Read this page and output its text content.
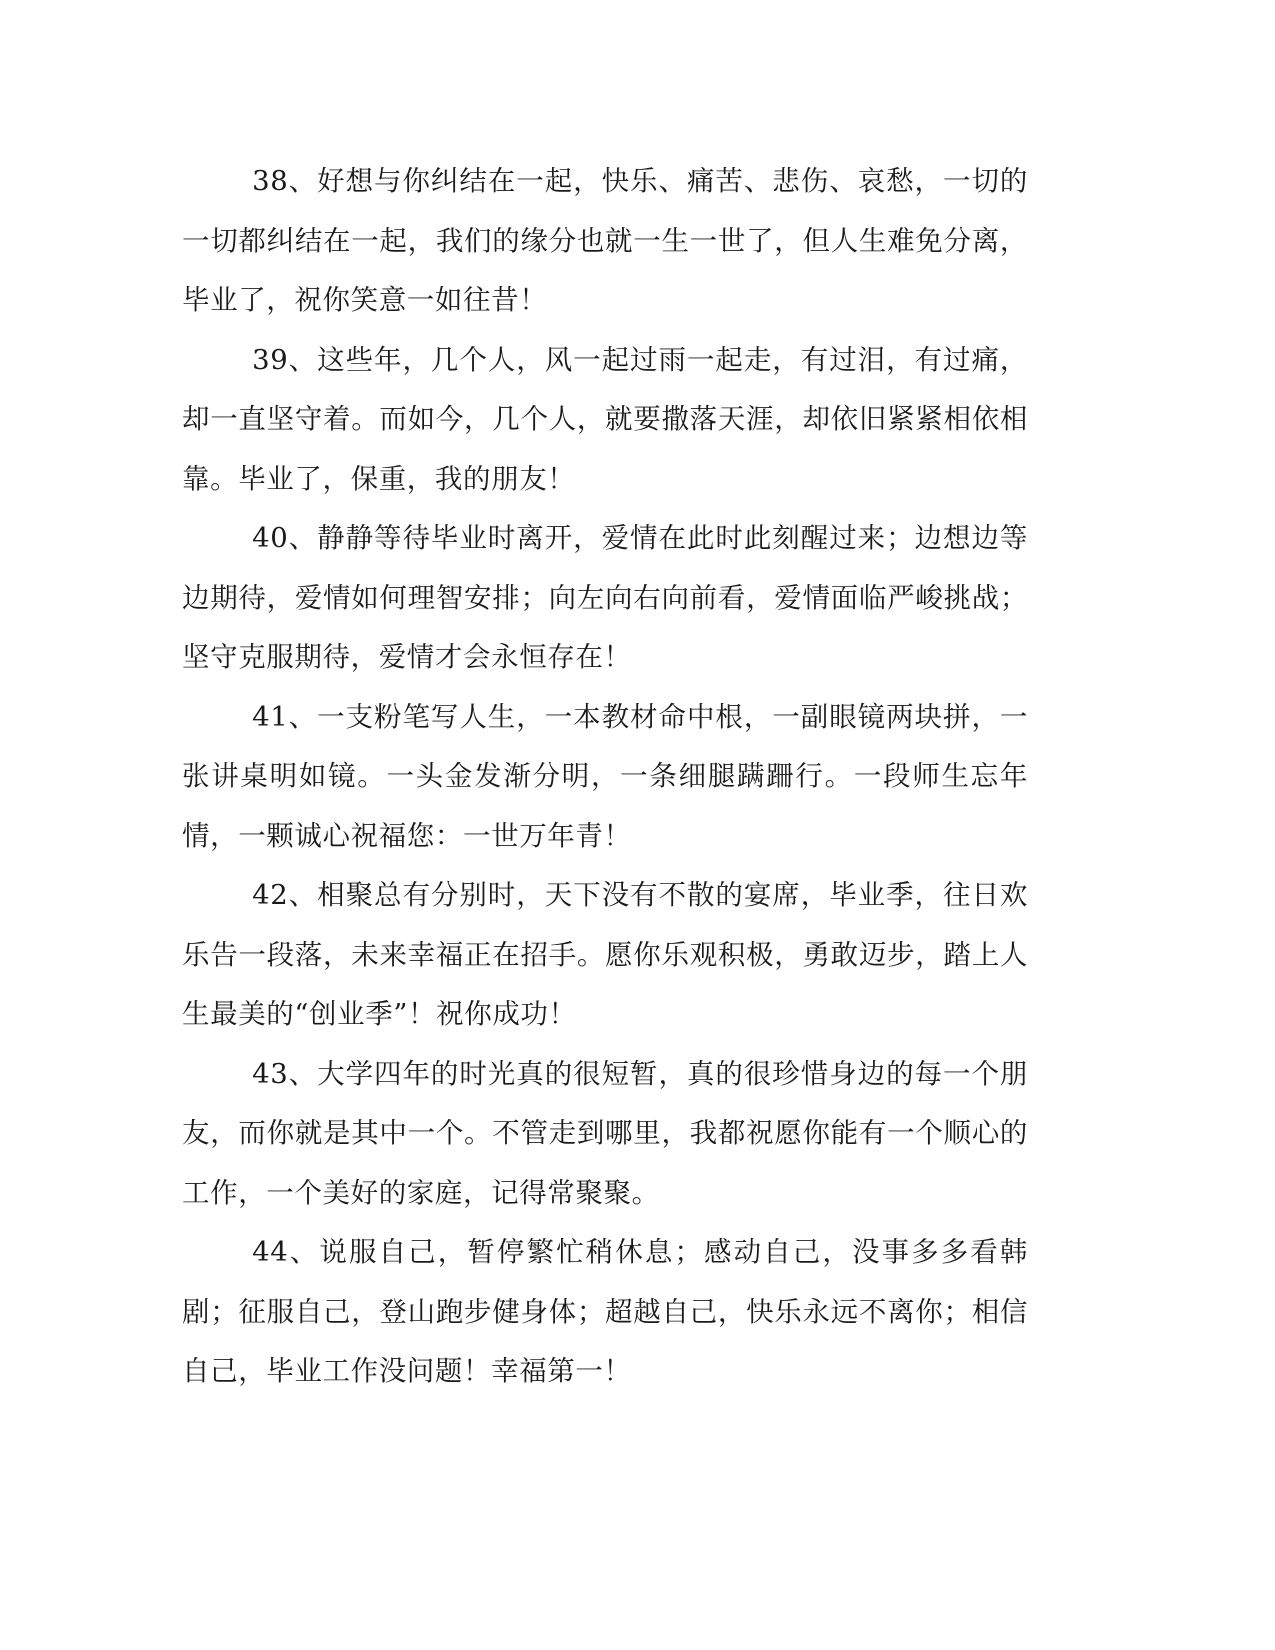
38、好想与你纠结在一起，快乐、痛苦、悲伤、哀愁，一切的一切都纠结在一起，我们的缘分也就一生一世了，但人生难免分离，毕业了，祝你笑意一如往昔！

39、这些年，几个人，风一起过雨一起走，有过泪，有过痛，却一直坚守着。而如今，几个人，就要撒落天涯，却依旧紧紧相依相靠。毕业了，保重，我的朋友！

40、静静等待毕业时离开，爱情在此时此刻醒过来；边想边等边期待，爱情如何理智安排；向左向右向前看，爱情面临严峻挑战；坚守克服期待，爱情才会永恒存在！

41、一支粉笔写人生，一本教材命中根，一副眼镜两块拼，一张讲桌明如镜。一头金发渐分明，一条细腿蹒跚行。一段师生忘年情，一颗诚心祝福您：一世万年青！

42、相聚总有分别时，天下没有不散的宴席，毕业季，往日欢乐告一段落，未来幸福正在招手。愿你乐观积极，勇敢迈步，踏上人生最美的“创业季”！祝你成功！

43、大学四年的时光真的很短暂，真的很珍惜身边的每一个朋友，而你就是其中一个。不管走到哪里，我都祝愿你能有一个顺心的工作，一个美好的家庭，记得常聚聚。

44、说服自己，暂停繁忙稍休息；感动自己，没事多多看韩剧；征服自己，登山跑步健身体；超越自己，快乐永远不离你；相信自己，毕业工作没问题！幸福第一！
